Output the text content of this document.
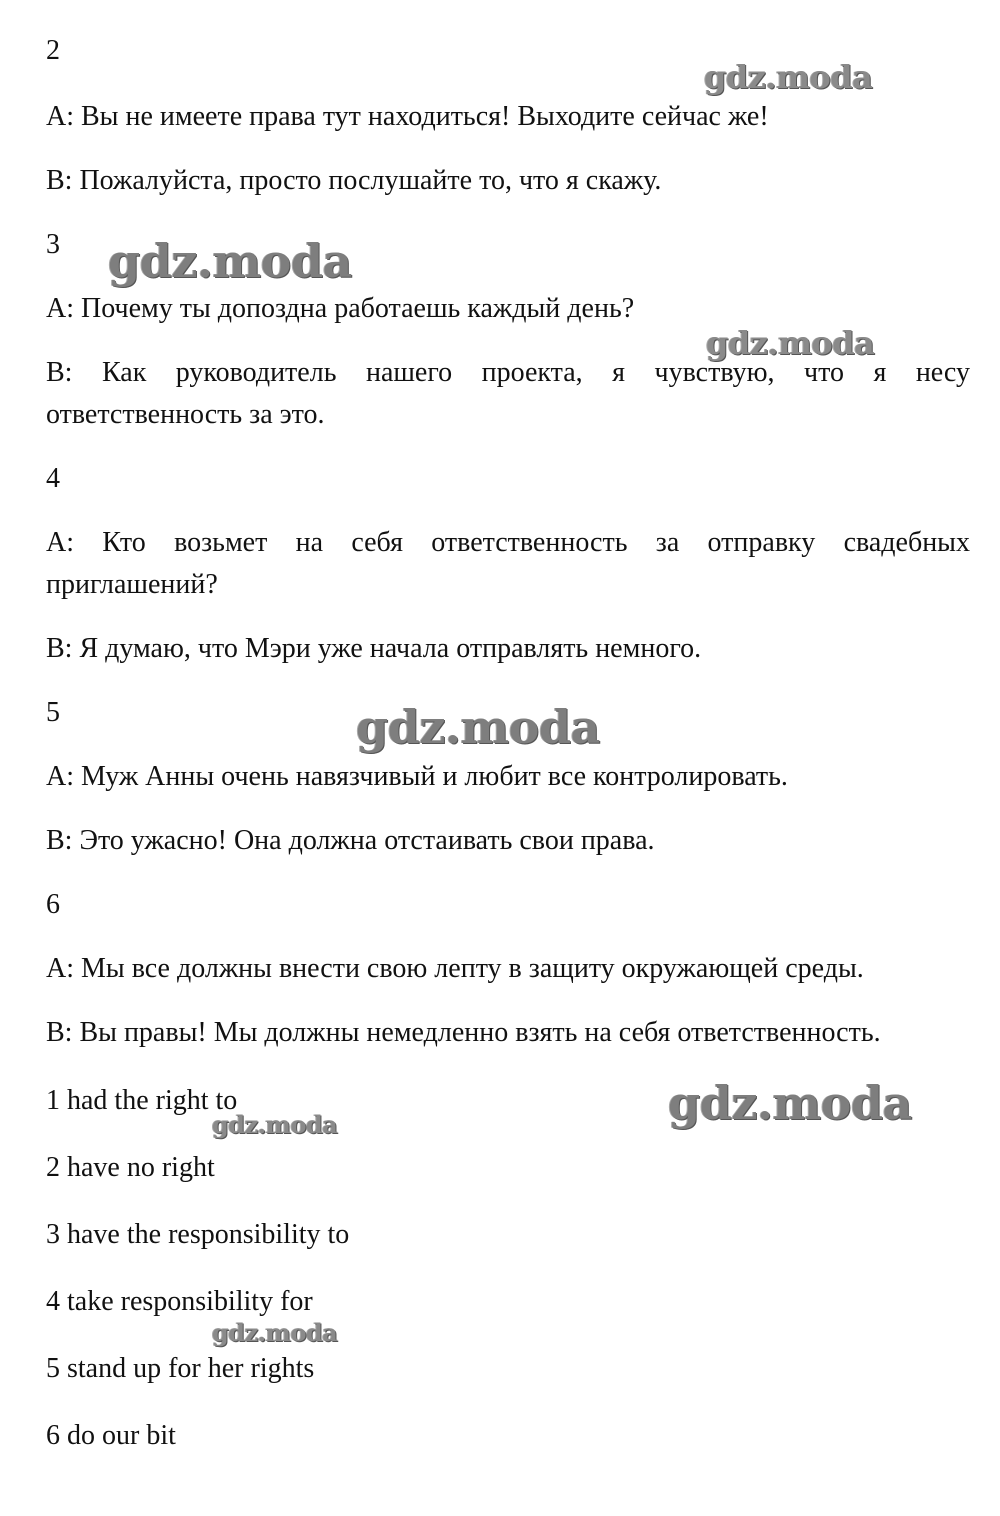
2
A: Вы не имеете права тут находиться! Выходите сейчас же!
B: Пожалуйста, просто послушайте то, что я скажу.
3
A: Почему ты допоздна работаешь каждый день?
B: Как руководитель нашего проекта, я чувствую, что я несу ответственность за это.
4
A: Кто возьмет на себя ответственность за отправку свадебных приглашений?
B: Я думаю, что Мэри уже начала отправлять немного.
5
A: Муж Анны очень навязчивый и любит все контролировать.
B: Это ужасно! Она должна отстаивать свои права.
6
A: Мы все должны внести свою лепту в защиту окружающей среды.
B: Вы правы! Мы должны немедленно взять на себя ответственность.
1 had the right to
2 have no right
3 have the responsibility to
4 take responsibility for
5 stand up for her rights
6 do our bit
gdz.moda
gdz.moda
gdz.moda
gdz.moda
gdz.moda
gdz.moda
gdz.moda
